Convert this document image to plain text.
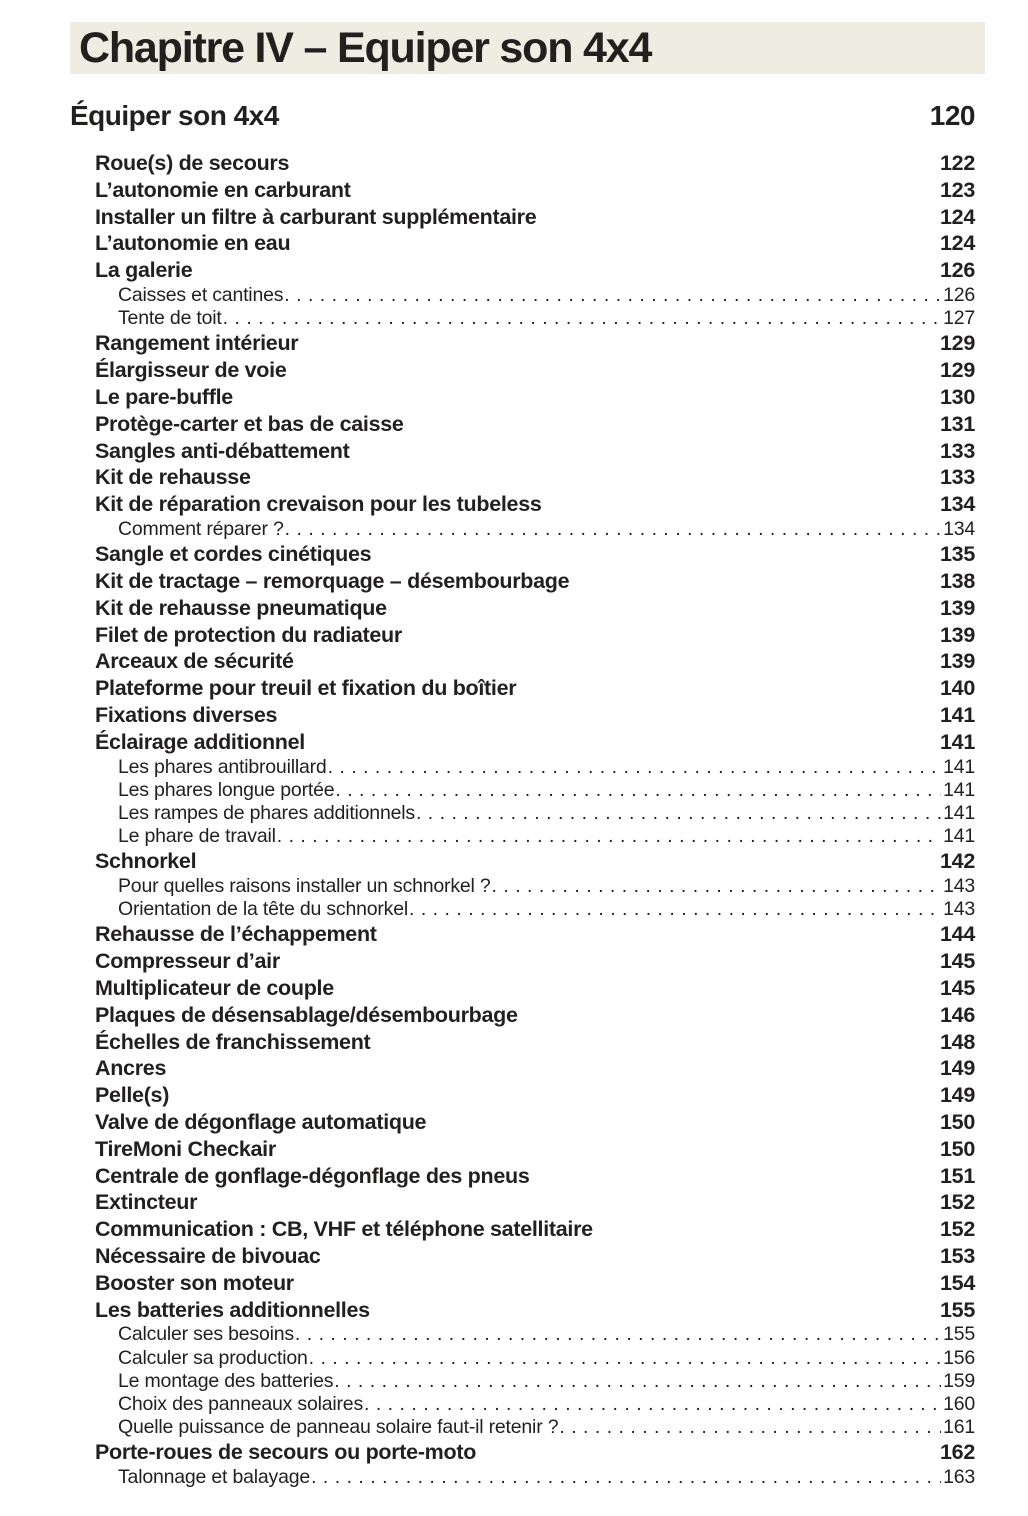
Chapitre IV – Equiper son 4x4
Équiper son 4x4	120
Roue(s) de secours	122
L’autonomie en carburant	123
Installer un filtre à carburant supplémentaire	124
L’autonomie en eau	124
La galerie	126
Caisses et cantines . . .	126
Tente de toit . . .	127
Rangement intérieur	129
Élargisseur de voie	129
Le pare-buffle	130
Protège-carter et bas de caisse	131
Sangles anti-débattement	133
Kit de rehausse	133
Kit de réparation crevaison pour les tubeless	134
Comment réparer ? . . .	134
Sangle et cordes cinétiques	135
Kit de tractage – remorquage – désembourbage	138
Kit de rehausse pneumatique	139
Filet de protection du radiateur	139
Arceaux de sécurité	139
Plateforme pour treuil et fixation du boîtier	140
Fixations diverses	141
Éclairage additionnel	141
Les phares antibrouillard . . .	141
Les phares longue portée . . .	141
Les rampes de phares additionnels . . .	141
Le phare de travail . . .	141
Schnorkel	142
Pour quelles raisons installer un schnorkel ? . . .	143
Orientation de la tête du schnorkel . . .	143
Rehausse de l’échappement	144
Compresseur d’air	145
Multiplicateur de couple	145
Plaques de désensablage/désembourbage	146
Échelles de franchissement	148
Ancres	149
Pelle(s)	149
Valve de dégonflage automatique	150
TireMoni Checkair	150
Centrale de gonflage-dégonflage des pneus	151
Extincteur	152
Communication : CB, VHF et téléphone satellitaire	152
Nécessaire de bivouac	153
Booster son moteur	154
Les batteries additionnelles	155
Calculer ses besoins . . .	155
Calculer sa production . . .	156
Le montage des batteries . . .	159
Choix des panneaux solaires . . .	160
Quelle puissance de panneau solaire faut-il retenir ? . . .	161
Porte-roues de secours ou porte-moto	162
Talonnage et balayage . . .	163
